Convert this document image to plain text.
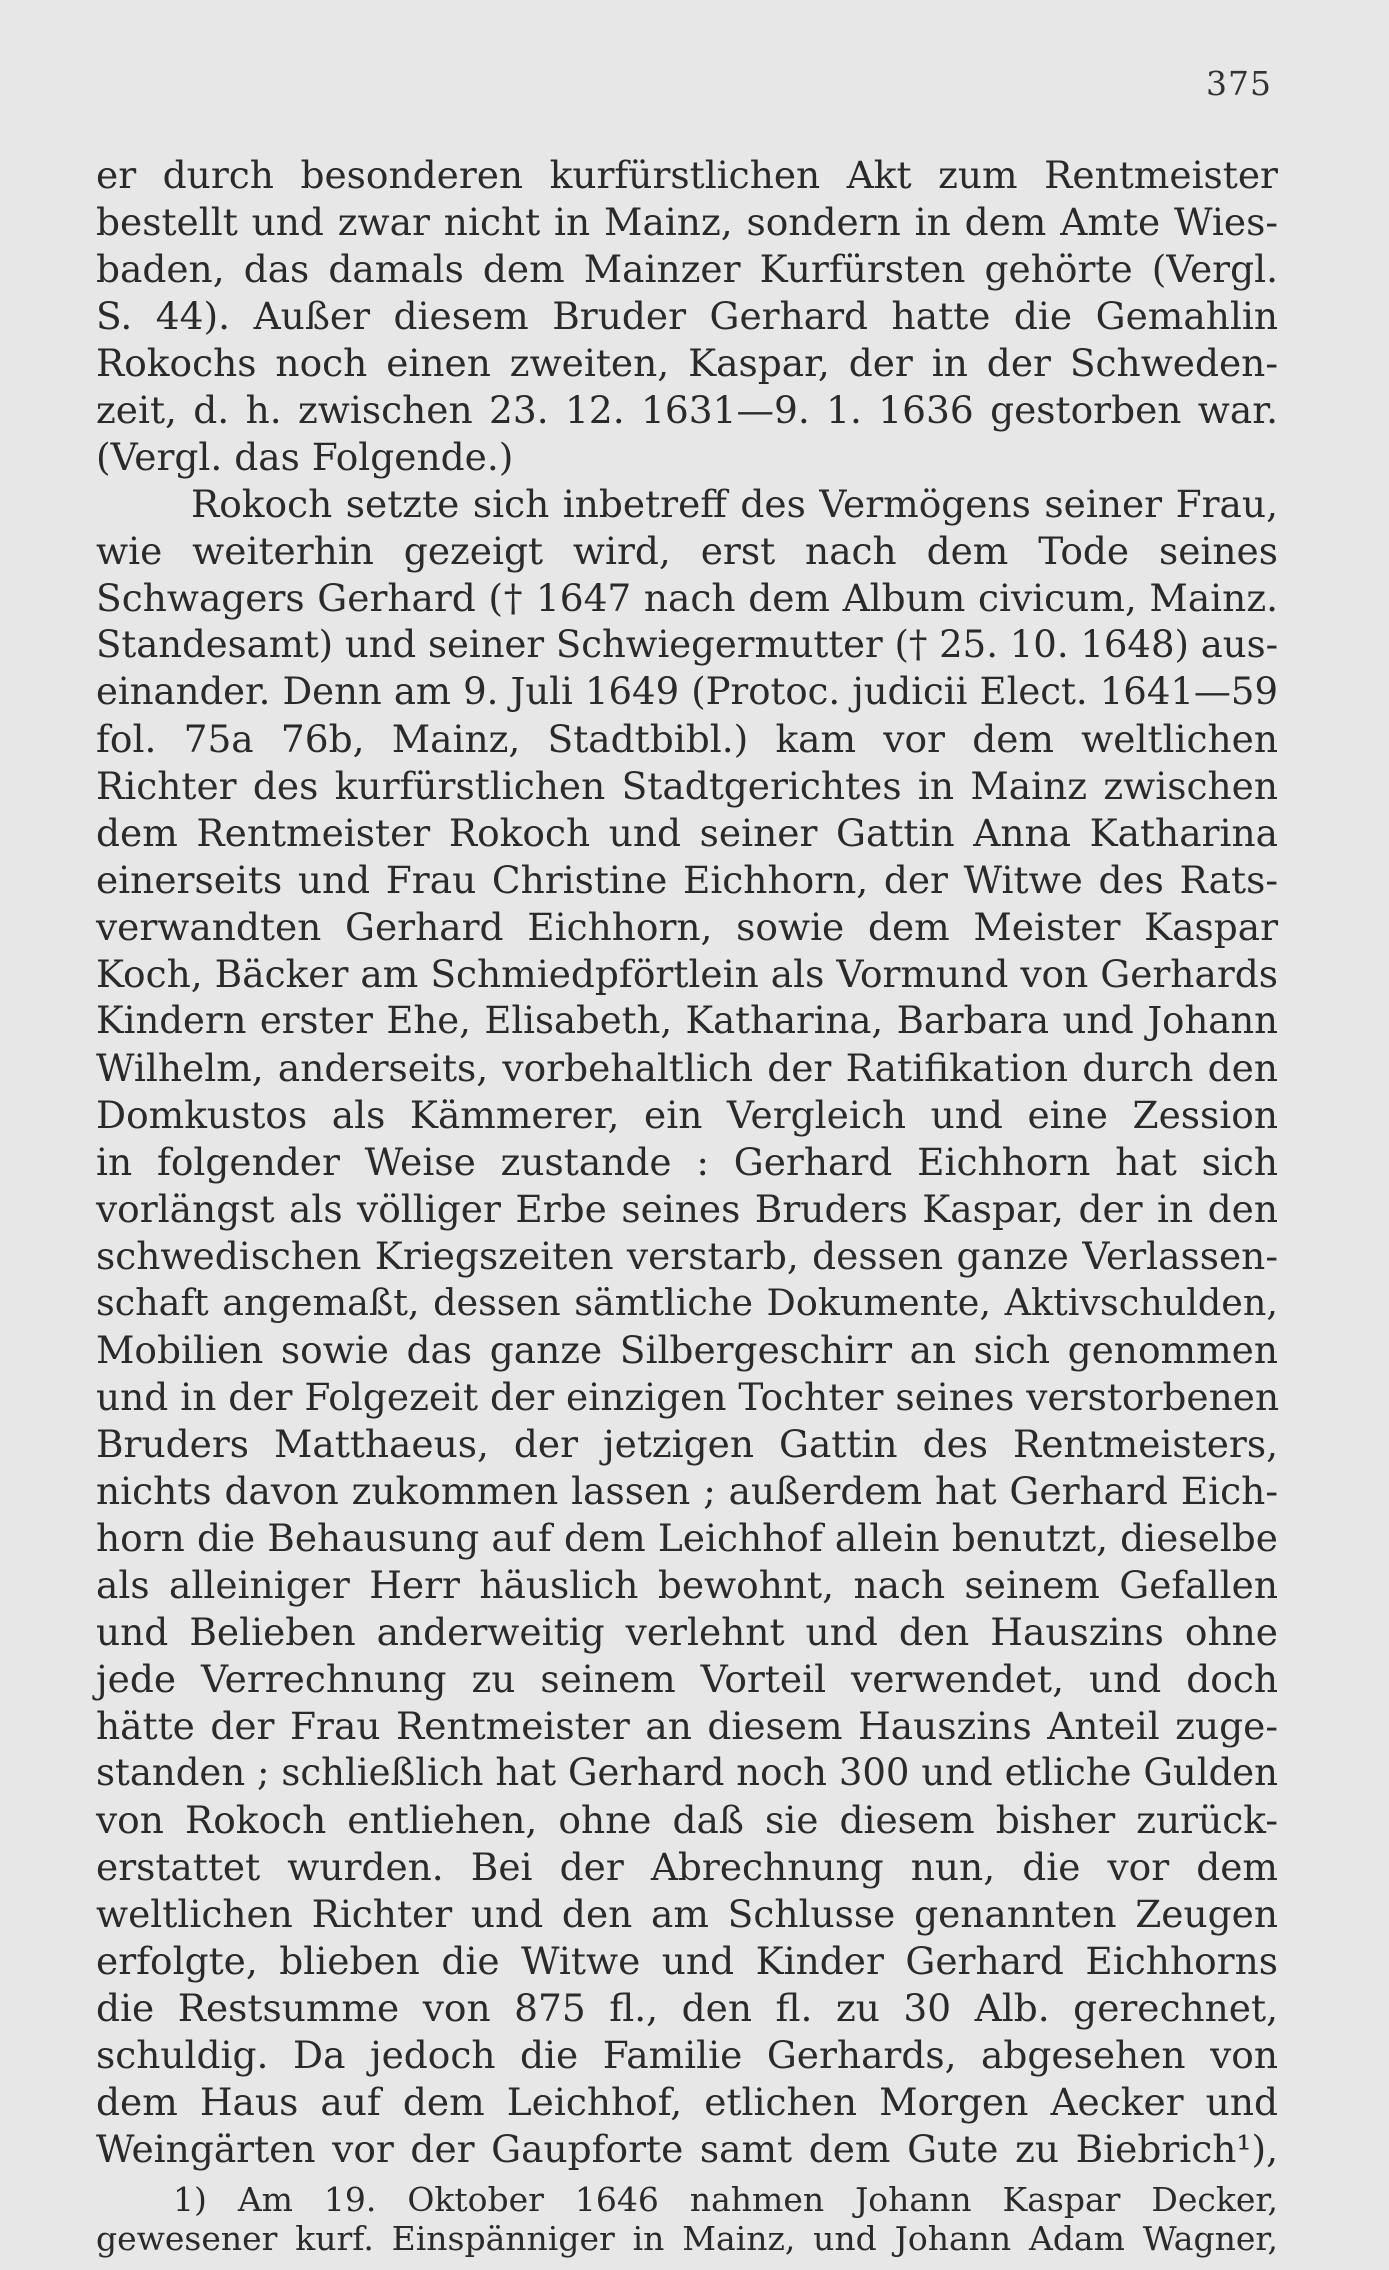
375
er durch besonderen kurfürstlichen Akt zum Rentmeister
bestellt und zwar nicht in Mainz, sondern in dem Amte Wies-
baden, das damals dem Mainzer Kurfürsten gehörte (Vergl.
S. 44). Außer diesem Bruder Gerhard hatte die Gemahlin
Rokochs noch einen zweiten, Kaspar, der in der Schweden-
zeit, d. h. zwischen 23. 12. 1631—9. 1. 1636 gestorben war.
(Vergl. das Folgende.)
Rokoch setzte sich inbetreff des Vermögens seiner Frau,
wie weiterhin gezeigt wird, erst nach dem Tode seines
Schwagers Gerhard († 1647 nach dem Album civicum, Mainz.
Standesamt) und seiner Schwiegermutter († 25. 10. 1648) aus-
einander. Denn am 9. Juli 1649 (Protoc. judicii Elect. 1641—59
fol. 75a 76b, Mainz, Stadtbibl.) kam vor dem weltlichen
Richter des kurfürstlichen Stadtgerichtes in Mainz zwischen
dem Rentmeister Rokoch und seiner Gattin Anna Katharina
einerseits und Frau Christine Eichhorn, der Witwe des Rats-
verwandten Gerhard Eichhorn, sowie dem Meister Kaspar
Koch, Bäcker am Schmiedpförtlein als Vormund von Gerhards
Kindern erster Ehe, Elisabeth, Katharina, Barbara und Johann
Wilhelm, anderseits, vorbehaltlich der Ratifikation durch den
Domkustos als Kämmerer, ein Vergleich und eine Zession
in folgender Weise zustande : Gerhard Eichhorn hat sich
vorlängst als völliger Erbe seines Bruders Kaspar, der in den
schwedischen Kriegszeiten verstarb, dessen ganze Verlassen-
schaft angemaßt, dessen sämtliche Dokumente, Aktivschulden,
Mobilien sowie das ganze Silbergeschirr an sich genommen
und in der Folgezeit der einzigen Tochter seines verstorbenen
Bruders Matthaeus, der jetzigen Gattin des Rentmeisters,
nichts davon zukommen lassen ; außerdem hat Gerhard Eich-
horn die Behausung auf dem Leichhof allein benutzt, dieselbe
als alleiniger Herr häuslich bewohnt, nach seinem Gefallen
und Belieben anderweitig verlehnt und den Hauszins ohne
jede Verrechnung zu seinem Vorteil verwendet, und doch
hätte der Frau Rentmeister an diesem Hauszins Anteil zuge-
standen ; schließlich hat Gerhard noch 300 und etliche Gulden
von Rokoch entliehen, ohne daß sie diesem bisher zurück-
erstattet wurden. Bei der Abrechnung nun, die vor dem
weltlichen Richter und den am Schlusse genannten Zeugen
erfolgte, blieben die Witwe und Kinder Gerhard Eichhorns
die Restsumme von 875 fl., den fl. zu 30 Alb. gerechnet,
schuldig. Da jedoch die Familie Gerhards, abgesehen von
dem Haus auf dem Leichhof, etlichen Morgen Aecker und
Weingärten vor der Gaupforte samt dem Gute zu Biebrich¹),
1) Am 19. Oktober 1646 nahmen Johann Kaspar Decker,
gewesener kurf. Einspänniger in Mainz, und Johann Adam Wagner,
